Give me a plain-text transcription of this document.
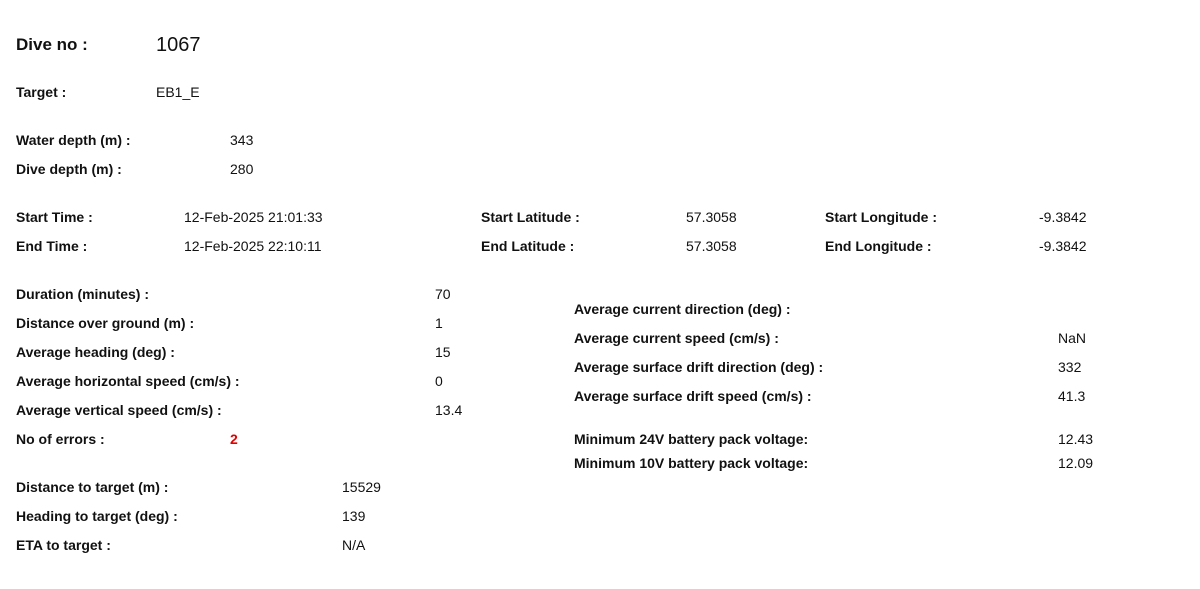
Dive no :	1067
Target :	EB1_E
Water depth (m) :	343
Dive depth (m) :	280
Start Time :	12-Feb-2025 21:01:33
End Time :	12-Feb-2025 22:10:11
Start Latitude :	57.3058
End Latitude :	57.3058
Start Longitude :	-9.3842
End Longitude :	-9.3842
Duration (minutes) :	70
Distance over ground (m) :	1
Average heading (deg) :	15
Average horizontal speed (cm/s) :	0
Average vertical speed (cm/s) :	13.4
No of errors :	2
Distance to target (m) :	15529
Heading to target (deg) :	139
ETA to target :	N/A
Average current direction (deg) :
Average current speed (cm/s) :	NaN
Average surface drift direction (deg) :	332
Average surface drift speed (cm/s) :	41.3
Minimum 24V battery pack voltage:	12.43
Minimum 10V battery pack voltage:	12.09
